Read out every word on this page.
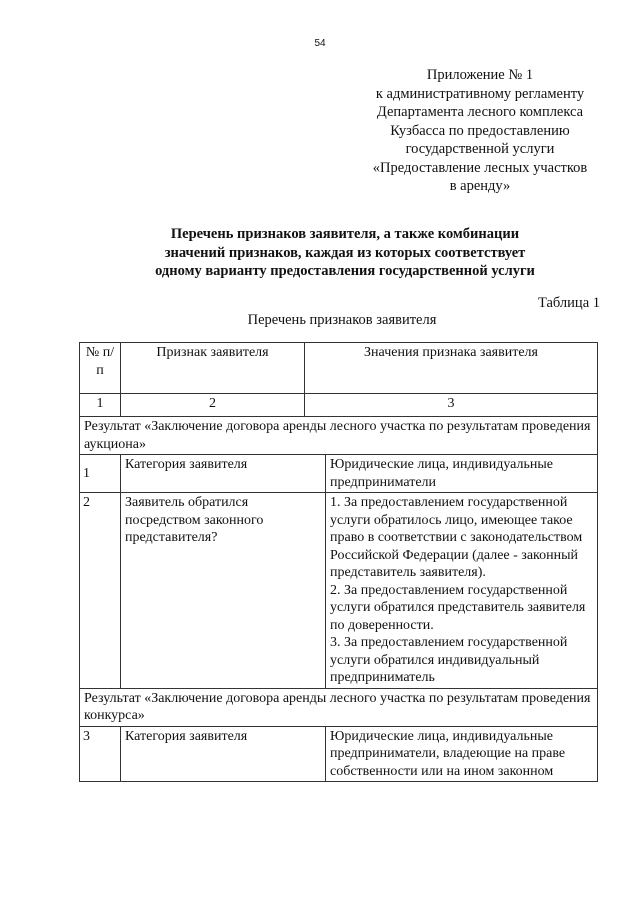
54
Приложение № 1
к административному регламенту
Департамента лесного комплекса
Кузбасса по предоставлению
государственной услуги
«Предоставление лесных участков
в аренду»
Перечень признаков заявителя, а также комбинации
значений признаков, каждая из которых соответствует
одному варианту предоставления государственной услуги
Таблица 1
Перечень признаков заявителя
№ п/п	Признак заявителя	Значения признака заявителя	
1	2	3	
Результат «Заключение договора аренды лесного участка по результатам проведения аукциона»			
1	Категория заявителя		Юридические лица, индивидуальные предприниматели

2	Заявитель обратился посредством законного представителя?		1. За предоставлением государственной услуги обратилось лицо, имеющее такое право в соответствии с законодательством Российской Федерации (далее - законный представитель заявителя).
2. За предоставлением государственной услуги обратился представитель заявителя по доверенности.
3. За предоставлением государственной услуги обратился индивидуальный предприниматель

Результат «Заключение договора аренды лесного участка по результатам проведения конкурса»			
3	Категория заявителя		Юридические лица, индивидуальные предприниматели, владеющие на праве собственности или на ином законном
